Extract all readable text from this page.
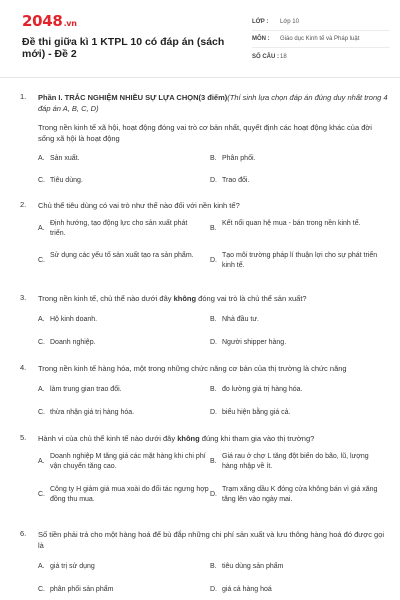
2048.vn
Đề thi giữa kì 1 KTPL 10 có đáp án (sách mới) - Đề 2
LỚP :	Lớp 10
MÔN :	Giáo dục Kinh tế và Pháp luật
SỐ CÂU : 18
1. Phần I. TRẮC NGHIỆM NHIỀU SỰ LỰA CHỌN(3 điểm)(Thí sinh lựa chọn đáp án đúng duy nhất trong 4 đáp án A, B, C, D)
Trong nền kinh tế xã hội, hoạt động đóng vai trò cơ bản nhất, quyết định các hoạt động khác của đời sống xã hội là hoạt động
A. Sản xuất.	B. Phân phối.
C. Tiêu dùng.	D. Trao đổi.
2. Chủ thể tiêu dùng có vai trò như thế nào đối với nền kinh tế?
A.
Định hướng, tạo động lực cho sản xuất phát triển.
B.
Kết nối quan hệ mua - bán trong nền kinh tế.
C.
Sử dụng các yếu tố sản xuất tạo ra sản phẩm.
D.
Tạo môi trường pháp lí thuận lợi cho sự phát triển kinh tế.
3. Trong nền kinh tế, chủ thể nào dưới đây không đóng vai trò là chủ thể sản xuất?
A. Hộ kinh doanh.	B. Nhà đầu tư.
C. Doanh nghiệp.	D. Người shipper hàng.
4. Trong nền kinh tế hàng hóa, một trong những chức năng cơ bản của thị trường là chức năng
A. làm trung gian trao đổi.	B. đo lường giá trị hàng hóa.
C. thừa nhận giá trị hàng hóa.	D. biểu hiện bằng giá cả.
5. Hành vi của chủ thể kinh tế nào dưới đây không đúng khi tham gia vào thị trường?
A.
Doanh nghiệp M tăng giá các mặt hàng khi chi phí vận chuyển tăng cao.
B.
Giá rau ở chợ L tăng đột biến do bão, lũ, lượng hàng nhập về ít.
C.
Công ty H giảm giá mua xoài do đối tác ngưng hợp đồng thu mua.
D.
Trạm xăng dầu K đóng cửa không bán vì giá xăng tăng lên vào ngày mai.
6. Số tiền phải trả cho một hàng hoá để bù đắp những chi phí sản xuất và lưu thông hàng hoá đó được gọi là
A. giá trị sử dụng	B. tiêu dùng sản phẩm
C. phân phối sản phẩm	D. giá cả hàng hoá
